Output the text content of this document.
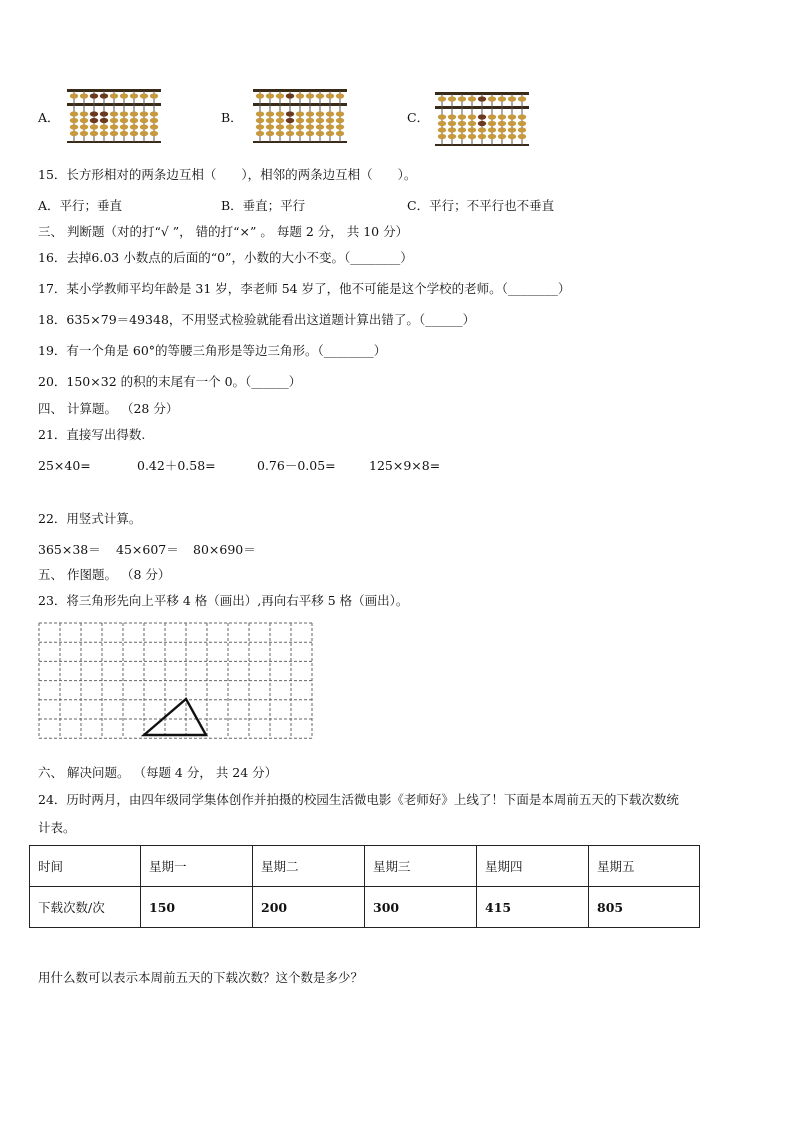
A．	B．	C．
15．长方形相对的两条边互相（　　），相邻的两条边互相（　　）。
A．平行；垂直	B．垂直；平行	C．平行；不平行也不垂直
三、 判断题（对的打“√ ”， 错的打“×” 。 每题 2 分， 共 10 分）
16．去掉6.03 小数点的后面的“0”，小数的大小不变。（________）
17．某小学教师平均年龄是 31 岁，李老师 54 岁了，他不可能是这个学校的老师。（________）
18．635×79＝49348，不用竖式检验就能看出这道题计算出错了。（______）
19．有一个角是 60°的等腰三角形是等边三角形。（________）
20．150×32 的积的末尾有一个 0。（______）
四、 计算题。 （28 分）
21．直接写出得数.
25×40=	0.42＋0.58=	0.76－0.05=	125×9×8=
22．用竖式计算。
365×38＝ 45×607＝ 80×690＝
五、 作图题。 （8 分）
23．将三角形先向上平移 4 格（画出）,再向右平移 5 格（画出）。
六、 解决问题。 （每题 4 分， 共 24 分）
24．历时两月，由四年级同学集体创作并拍摄的校园生活微电影《老师好》上线了！下面是本周前五天的下载次数统
计表。
时间	星期一	星期二	星期三	星期四	星期五
下载次数/次	150	200	300	415	805
用什么数可以表示本周前五天的下载次数？这个数是多少？
